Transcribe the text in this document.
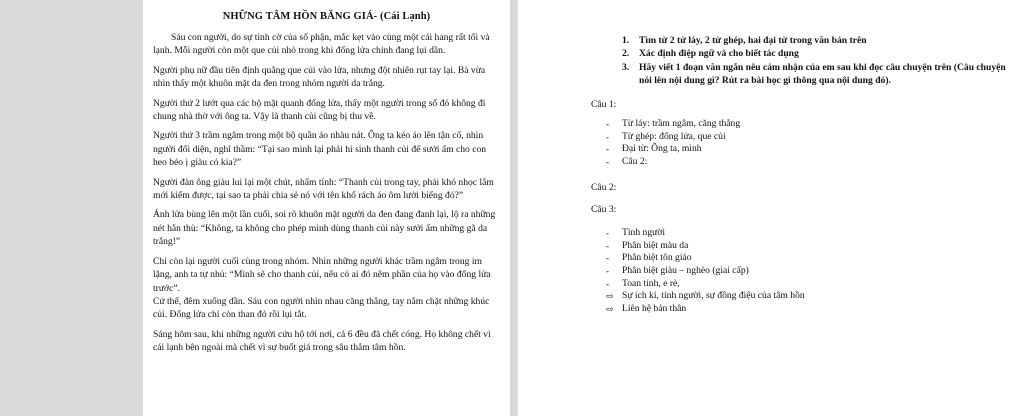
NHỮNG TÂM HỒN BĂNG GIÁ- (Cái Lạnh)

Sáu con người, do sự tình cờ của số phận, mắc kẹt vào cùng một cái hang rất tối và lạnh. Mỗi người còn một que củi nhỏ trong khi đống lửa chính đang lụi dần.

Người phụ nữ đầu tiên định quẳng que củi vào lửa, nhưng đột nhiên rụt tay lại. Bà vừa nhìn thấy một khuôn mặt da đen trong nhóm người da trắng.

Người thứ 2 lướt qua các bộ mặt quanh đống lửa, thấy một người trong số đó không đi chung nhà thờ với ông ta. Vậy là thanh củi cũng bị thu về.

Người thứ 3 trầm ngâm trong một bộ quần áo nhàu nát. Ông ta kéo áo lên tận cổ, nhìn người đối diện, nghĩ thầm: “Tại sao mình lại phải hi sinh thanh củi để sưởi ấm cho con heo béo ị giàu có kia?”

Người đàn ông giàu lui lại một chút, nhẩm tính: “Thanh củi trong tay, phải khó nhọc lắm mới kiếm được, tại sao ta phải chia sẻ nó với tên khố rách áo ôm lười biếng đó?”

Ánh lửa bùng lên một lần cuối, soi rõ khuôn mặt người da đen đang đanh lại, lộ ra những nét hằn thù: “Không, ta không cho phép mình dùng thanh củi này sưởi ấm những gã da trắng!”

Chỉ còn lại người cuối cùng trong nhóm. Nhìn những người khác trầm ngâm trong im lặng, anh ta tự nhủ: “Mình sẽ cho thanh củi, nếu có ai đó nêm phần của họ vào đống lửa trước”.

Cứ thế, đêm xuống dần. Sáu con người nhìn nhau căng thẳng, tay nắm chặt những khúc củi. Đống lửa chỉ còn than đỏ rồi lụi tắt.

Sáng hôm sau, khi những người cứu hộ tới nơi, cả 6 đều đã chết cóng. Họ không chết vì cái lạnh bên ngoài mà chết vì sự buốt giá trong sâu thẳm tâm hồn.

1. Tìm từ 2 từ láy, 2 từ ghép, hai đại từ trong văn bản trên
2. Xác định điệp ngữ và cho biết tác dụng
3. Hãy viết 1 đoạn văn ngắn nêu cảm nhận của em sau khi đọc câu chuyện trên (Câu chuyện nói lên nội dung gì? Rút ra bài học gì thông qua nội dung đó).

Câu 1:

- Từ láy: trầm ngâm, căng thẳng
- Từ ghép: đống lửa, que củi
- Đại từ: Ông ta, mình
- Câu 2:

Câu 2:

Câu 3:

- Tình người
- Phân biệt màu da
- Phân biệt tôn giáo
- Phân biệt giàu – nghèo (giai cấp)
- Toan tính, e rè,
⇨ Sự ích kỉ, tính người, sự đồng điệu của tâm hồn
⇨ Liên hệ bản thân
